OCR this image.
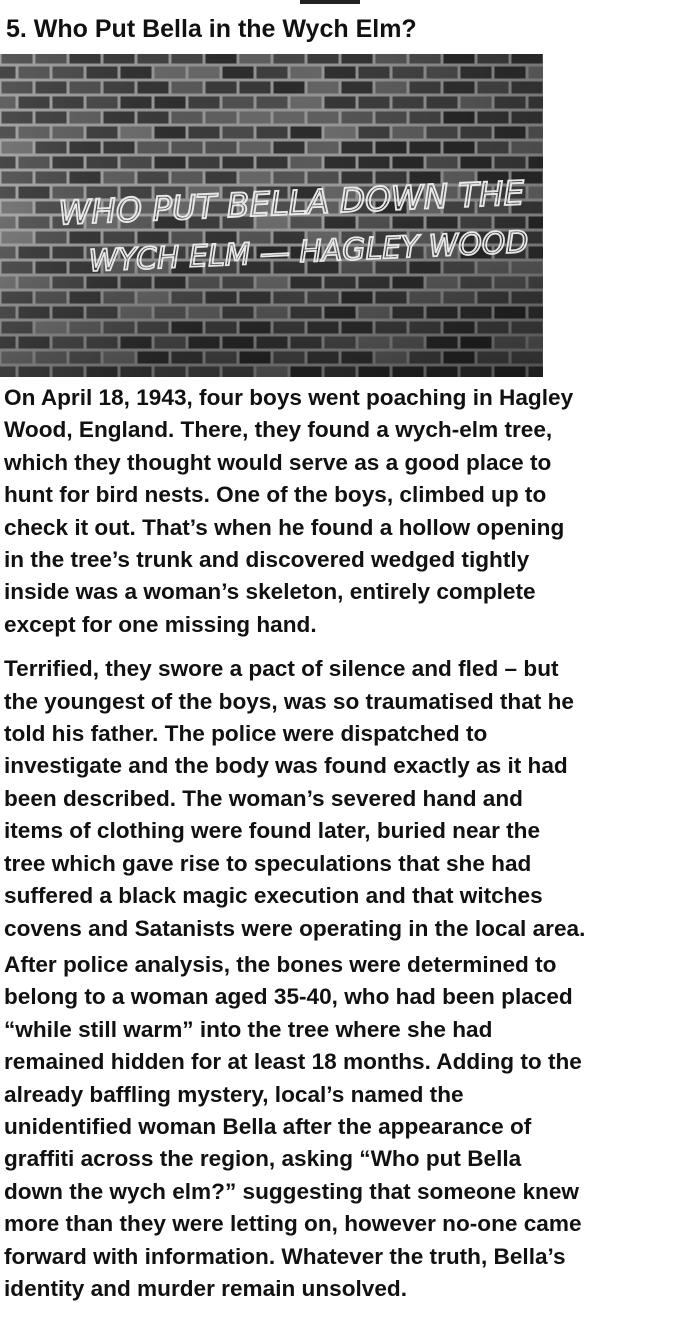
5. Who Put Bella in the Wych Elm?
WHO PUT BELLA DOWN THE
WYCH ELM — HAGLEY WOOD

On April 18, 1943, four boys went poaching in Hagley
Wood, England. There, they found a wych-elm tree,
which they thought would serve as a good place to
hunt for bird nests. One of the boys, climbed up to
check it out. That’s when he found a hollow opening
in the tree’s trunk and discovered wedged tightly
inside was a woman’s skeleton, entirely complete
except for one missing hand.

Terrified, they swore a pact of silence and fled – but
the youngest of the boys, was so traumatised that he
told his father. The police were dispatched to
investigate and the body was found exactly as it had
been described. The woman’s severed hand and
items of clothing were found later, buried near the
tree which gave rise to speculations that she had
suffered a black magic execution and that witches
covens and Satanists were operating in the local area.

After police analysis, the bones were determined to
belong to a woman aged 35-40, who had been placed
“while still warm” into the tree where she had
remained hidden for at least 18 months. Adding to the
already baffling mystery, local’s named the
unidentified woman Bella after the appearance of
graffiti across the region, asking “Who put Bella
down the wych elm?” suggesting that someone knew
more than they were letting on, however no-one came
forward with information. Whatever the truth, Bella’s
identity and murder remain unsolved.
